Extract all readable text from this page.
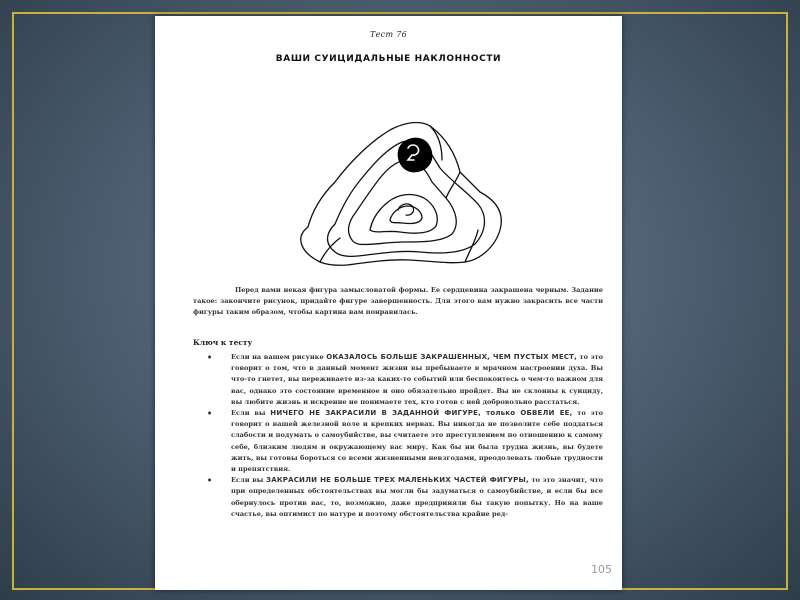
Тест 76
ВАШИ СУИЦИДАЛЬНЫЕ НАКЛОННОСТИ

Перед вами некая фигура замысловатой формы. Ее сердцевина закрашена черным. Задание такое: закончите рисунок, придайте фигуре завершенность. Для этого вам нужно закрасить все части фигуры таким образом, чтобы картина вам понравилась.

Ключ к тесту
•	Если на вашем рисунке ОКАЗАЛОСЬ БОЛЬШЕ ЗАКРАШЕННЫХ, ЧЕМ ПУСТЫХ МЕСТ, то это говорит о том, что в данный момент жизни вы пребываете в мрачном настроении духа. Вы что-то гнетет, вы переживаете из-за каких-то событий или беспокоитесь о чем-то важном для вас, однако это состояние временное и оно обязательно пройдет. Вы не склонны к суициду, вы любите жизнь и искренне не понимаете тех, кто готов с ней добровольно расстаться.
•	Если вы НИЧЕГО НЕ ЗАКРАСИЛИ В ЗАДАННОЙ ФИГУРЕ, только ОБВЕЛИ ЕЕ, то это говорит о вашей железной воле и крепких нервах. Вы никогда не позволите себе поддаться слабости и подумать о самоубийстве, вы считаете это преступлением по отношению к самому себе, близким людям и окружающему вас миру. Как бы ни была трудна жизнь, вы будете жить, вы готовы бороться со всеми жизненными невзгодами, преодолевать любые трудности и препятствия.
•	Если вы ЗАКРАСИЛИ НЕ БОЛЬШЕ ТРЕХ МАЛЕНЬКИХ ЧАСТЕЙ ФИГУРЫ, то это значит, что при определенных обстоятельствах вы могли бы задуматься о самоубийстве, и если бы все обернулось против вас, то, возможно, даже предприняли бы такую попытку. Но на ваше счастье, вы оптимист по натуре и поэтому обстоятельства крайне ред-
105
